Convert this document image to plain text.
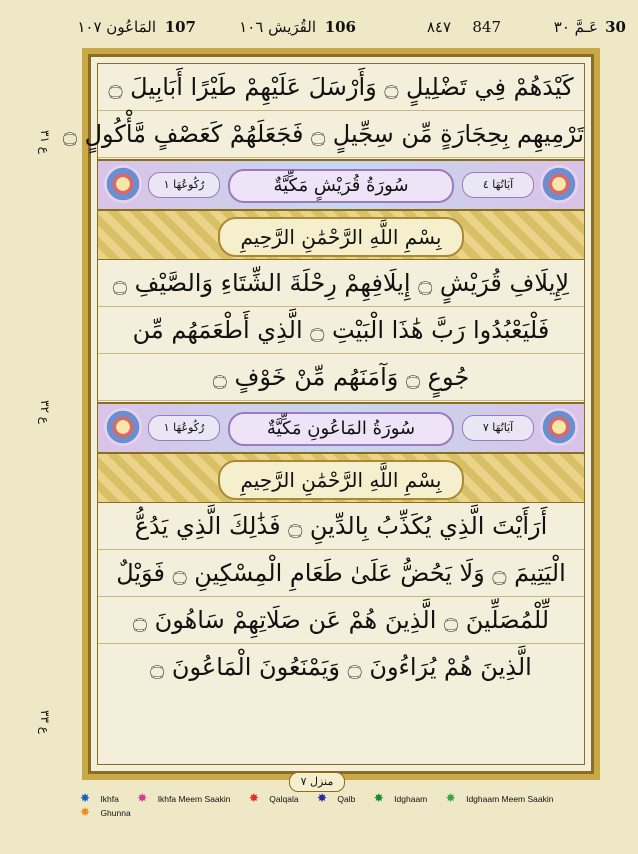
30
عَـمَّ ٣٠
847
٨٤٧
106
القُرَيش ١٠٦
107
المَاعُون ١٠٧
ع ٣١
ع ٣٢
ع ٣٣
كَيْدَهُمْ فِي تَضْلِيلٍ ۝ وَأَرْسَلَ عَلَيْهِمْ طَيْرًا أَبَابِيلَ ۝
تَرْمِيهِم بِحِجَارَةٍ مِّن سِجِّيلٍ ۝ فَجَعَلَهُمْ كَعَصْفٍ مَّأْكُولٍ ۝
رُكُوعُهَا ١	سُورَةُ قُرَيْشٍ مَكِّيَّةٌ	آيَاتُهَا ٤
بِسْمِ اللَّهِ الرَّحْمَٰنِ الرَّحِيمِ
لِإِيلَافِ قُرَيْشٍ ۝ إِيلَافِهِمْ رِحْلَةَ الشِّتَاءِ وَالصَّيْفِ ۝
فَلْيَعْبُدُوا رَبَّ هَٰذَا الْبَيْتِ ۝ الَّذِي أَطْعَمَهُم مِّن
جُوعٍ ۝ وَآمَنَهُم مِّنْ خَوْفٍ ۝
رُكُوعُهَا ١	سُورَةُ المَاعُونِ مَكِّيَّةٌ	آيَاتُهَا ٧
بِسْمِ اللَّهِ الرَّحْمَٰنِ الرَّحِيمِ
أَرَأَيْتَ الَّذِي يُكَذِّبُ بِالدِّينِ ۝ فَذَٰلِكَ الَّذِي يَدُعُّ
الْيَتِيمَ ۝ وَلَا يَحُضُّ عَلَىٰ طَعَامِ الْمِسْكِينِ ۝ فَوَيْلٌ
لِّلْمُصَلِّينَ ۝ الَّذِينَ هُمْ عَن صَلَاتِهِمْ سَاهُونَ ۝
الَّذِينَ هُمْ يُرَاءُونَ ۝ وَيَمْنَعُونَ الْمَاعُونَ ۝
منزل ٧
✸ Ikhfa ✸ Ikhfa Meem Saakin ✸ Qalqala ✸ Qalb ✸ Idghaam ✸ Idghaam Meem Saakin ✸ Ghunna
